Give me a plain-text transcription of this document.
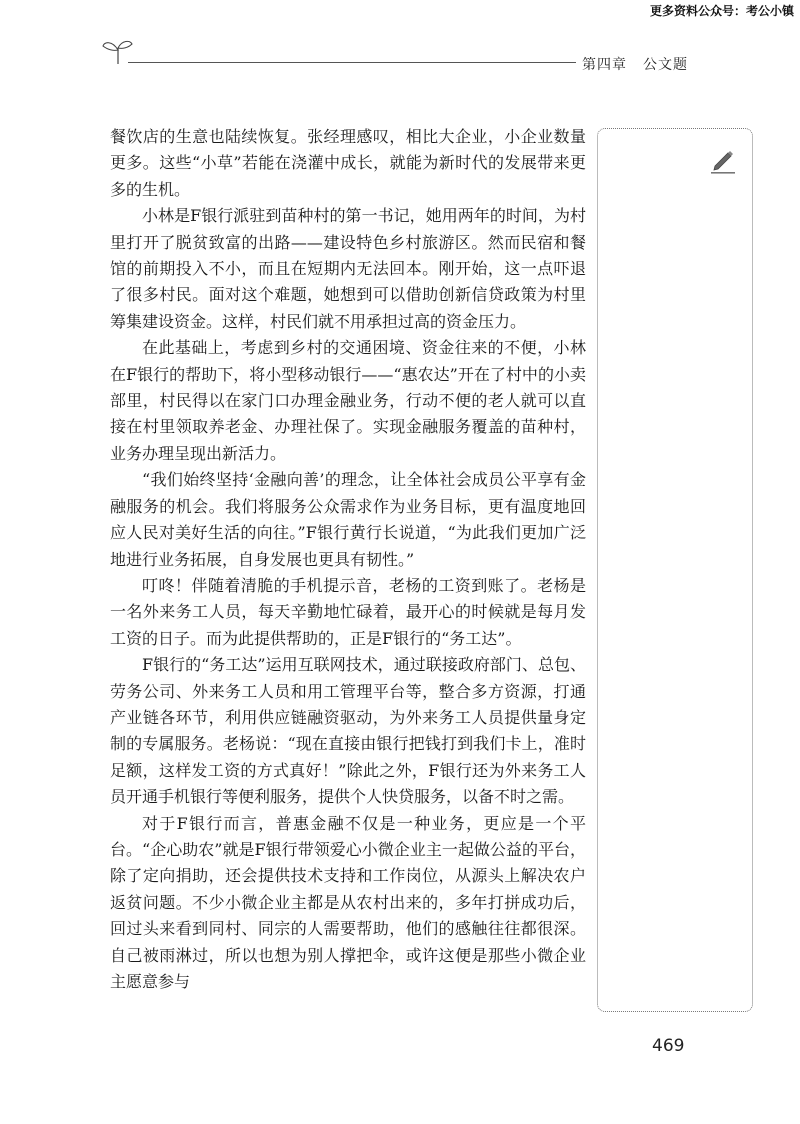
更多资料公众号：考公小镇
第四章 公文题

餐饮店的生意也陆续恢复。张经理感叹，相比大企业，小企业数量更多。这些“小草”若能在浇灌中成长，就能为新时代的发展带来更多的生机。

小林是F银行派驻到苗种村的第一书记，她用两年的时间，为村里打开了脱贫致富的出路——建设特色乡村旅游区。然而民宿和餐馆的前期投入不小，而且在短期内无法回本。刚开始，这一点吓退了很多村民。面对这个难题，她想到可以借助创新信贷政策为村里筹集建设资金。这样，村民们就不用承担过高的资金压力。

在此基础上，考虑到乡村的交通困境、资金往来的不便，小林在F银行的帮助下，将小型移动银行——“惠农达”开在了村中的小卖部里，村民得以在家门口办理金融业务，行动不便的老人就可以直接在村里领取养老金、办理社保了。实现金融服务覆盖的苗种村，业务办理呈现出新活力。

“我们始终坚持‘金融向善’的理念，让全体社会成员公平享有金融服务的机会。我们将服务公众需求作为业务目标，更有温度地回应人民对美好生活的向往。”F银行黄行长说道，“为此我们更加广泛地进行业务拓展，自身发展也更具有韧性。”

叮咚！伴随着清脆的手机提示音，老杨的工资到账了。老杨是一名外来务工人员，每天辛勤地忙碌着，最开心的时候就是每月发工资的日子。而为此提供帮助的，正是F银行的“务工达”。

F银行的“务工达”运用互联网技术，通过联接政府部门、总包、劳务公司、外来务工人员和用工管理平台等，整合多方资源，打通产业链各环节，利用供应链融资驱动，为外来务工人员提供量身定制的专属服务。老杨说：“现在直接由银行把钱打到我们卡上，准时足额，这样发工资的方式真好！”除此之外，F银行还为外来务工人员开通手机银行等便利服务，提供个人快贷服务，以备不时之需。

对于F银行而言，普惠金融不仅是一种业务，更应是一个平台。“企心助农”就是F银行带领爱心小微企业主一起做公益的平台，除了定向捐助，还会提供技术支持和工作岗位，从源头上解决农户返贫问题。不少小微企业主都是从农村出来的，多年打拼成功后，回过头来看到同村、同宗的人需要帮助，他们的感触往往都很深。自己被雨淋过，所以也想为别人撑把伞，或许这便是那些小微企业主愿意参与

469
